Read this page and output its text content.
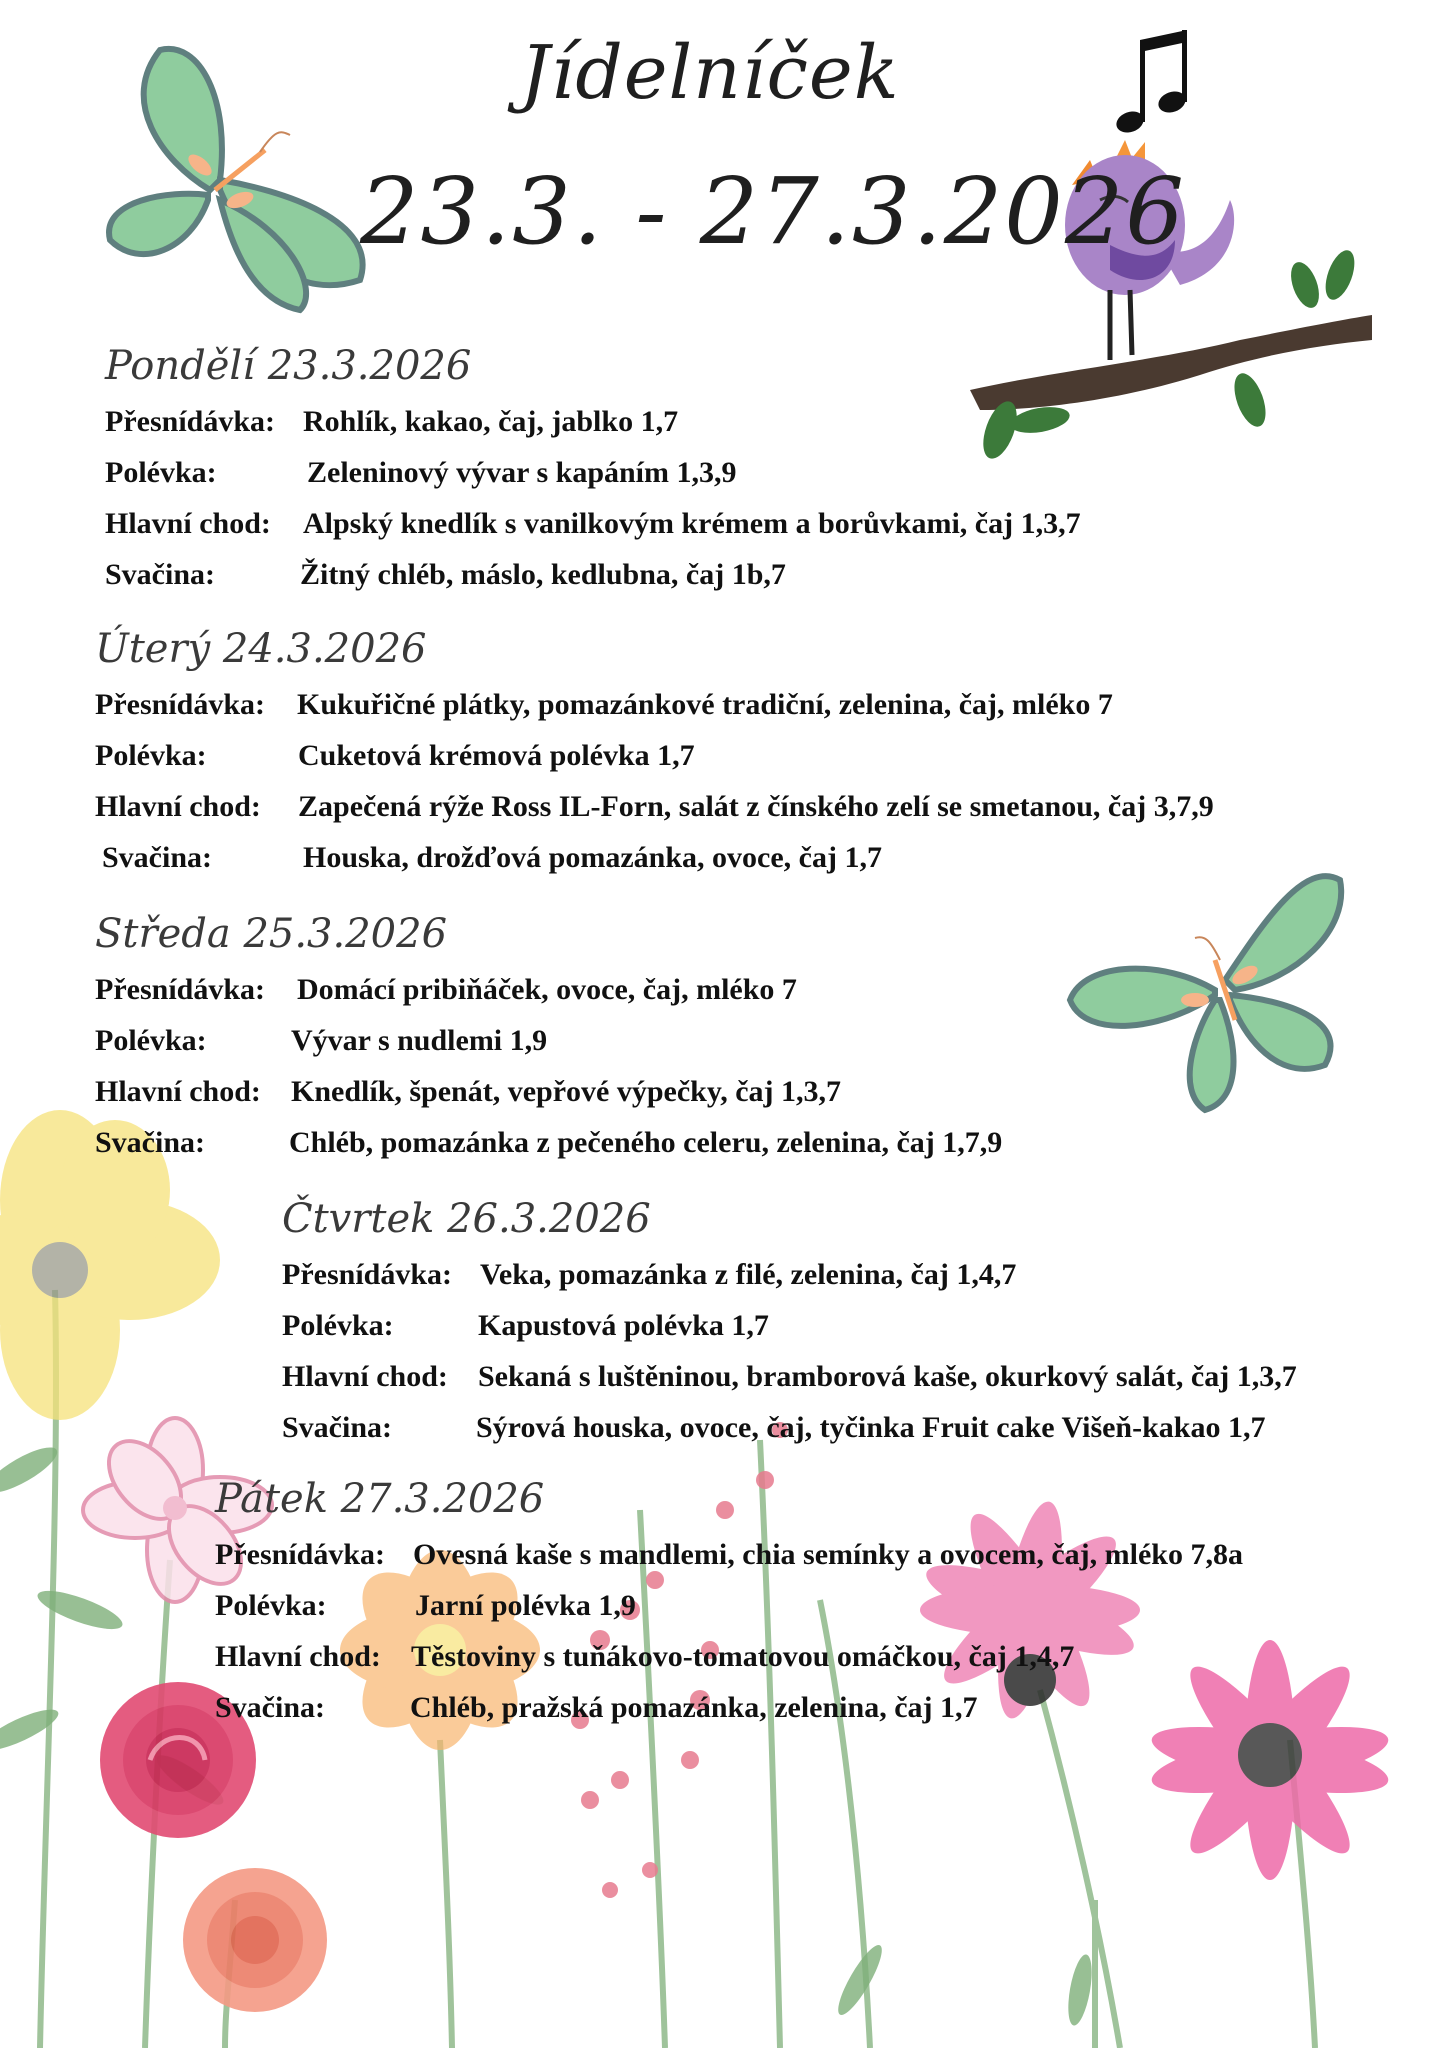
Jídelníček
23.3. - 27.3.2026
Pondělí 23.3.2026
Přesnídávka: Rohlík, kakao, čaj, jablko 1,7
Polévka:	Zeleninový vývar s kapáním 1,3,9
Hlavní chod:	Alpský knedlík s vanilkovým krémem a borůvkami, čaj 1,3,7
Svačina:	Žitný chléb, máslo, kedlubna, čaj 1b,7
Úterý 24.3.2026
Přesnídávka:	Kukuřičné plátky, pomazánkové tradiční, zelenina, čaj, mléko 7
Polévka:	Cuketová krémová polévka 1,7
Hlavní chod:	Zapečená rýže Ross IL-Forn, salát z čínského zelí se smetanou, čaj 3,7,9
Svačina:	Houska, drožďová pomazánka, ovoce, čaj 1,7
Středa 25.3.2026
Přesnídávka:	Domácí pribiňáček, ovoce, čaj, mléko 7
Polévka:	Vývar s nudlemi 1,9
Hlavní chod:	Knedlík, špenát, vepřové výpečky, čaj 1,3,7
Svačina:	Chléb, pomazánka z pečeného celeru, zelenina, čaj 1,7,9
Čtvrtek 26.3.2026
Přesnídávka: Veka, pomazánka z filé, zelenina, čaj 1,4,7
Polévka:	Kapustová polévka 1,7
Hlavní chod:	Sekaná s luštěninou, bramborová kaše, okurkový salát, čaj 1,3,7
Svačina:	Sýrová houska, ovoce, čaj, tyčinka Fruit cake Višeň-kakao 1,7
Pátek 27.3.2026
Přesnídávka: Ovesná kaše s mandlemi, chia semínky a ovocem, čaj, mléko 7,8a
Polévka:	Jarní polévka 1,9
Hlavní chod:	Těstoviny s tuňákovo-tomatovou omáčkou, čaj 1,4,7
Svačina:	Chléb, pražská pomazánka, zelenina, čaj 1,7
